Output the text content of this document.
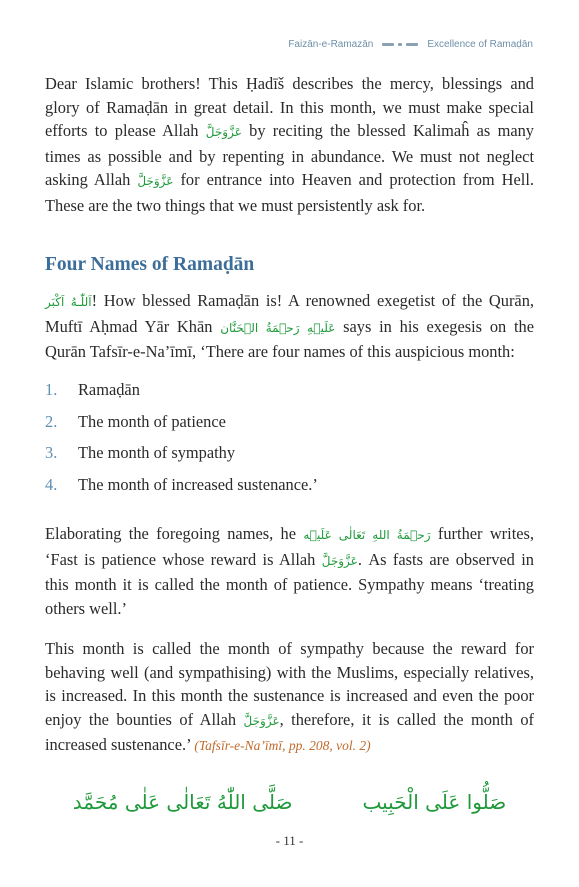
Faizān-e-Ramazān	Excellence of Ramaḍān

Dear Islamic brothers! This Ḥadīš describes the mercy, blessings and glory of Ramaḍān in great detail. In this month, we must make special efforts to please Allah عَزَّوَجَلَّ by reciting the blessed Kalimaĥ as many times as possible and by repenting in abundance. We must not neglect asking Allah عَزَّوَجَلَّ for entrance into Heaven and protection from Hell. These are the two things that we must persistently ask for.

Four Names of Ramaḍān

اَللّٰـهُ اَكْبَر! How blessed Ramaḍān is! A renowned exegetist of the Qurān, Muftī Aḥmad Yār Khān عَلَيۡهِ رَحۡمَةُ الۡحَنَّان says in his exegesis on the Qurān Tafsīr-e-Na’īmī, ‘There are four names of this auspicious month:

1.	Ramaḍān
2.	The month of patience
3.	The month of sympathy
4.	The month of increased sustenance.’

Elaborating the foregoing names, he رَحۡمَةُ اللهِ تَعَالٰی عَلَيۡه further writes, ‘Fast is patience whose reward is Allah عَزَّوَجَلَّ. As fasts are observed in this month it is called the month of patience. Sympathy means ‘treating others well.’

This month is called the month of sympathy because the reward for behaving well (and sympathising) with the Muslims, especially relatives, is increased. In this month the sustenance is increased and even the poor enjoy the bounties of Allah عَزَّوَجَلَّ, therefore, it is called the month of increased sustenance.’ (Tafsīr-e-Na’īmī, pp. 208, vol. 2)

صَلَّى اللّٰهُ تَعَالٰى عَلٰى مُحَمَّد	صَلُّوا عَلَى الْحَبِيب
- 11 -
